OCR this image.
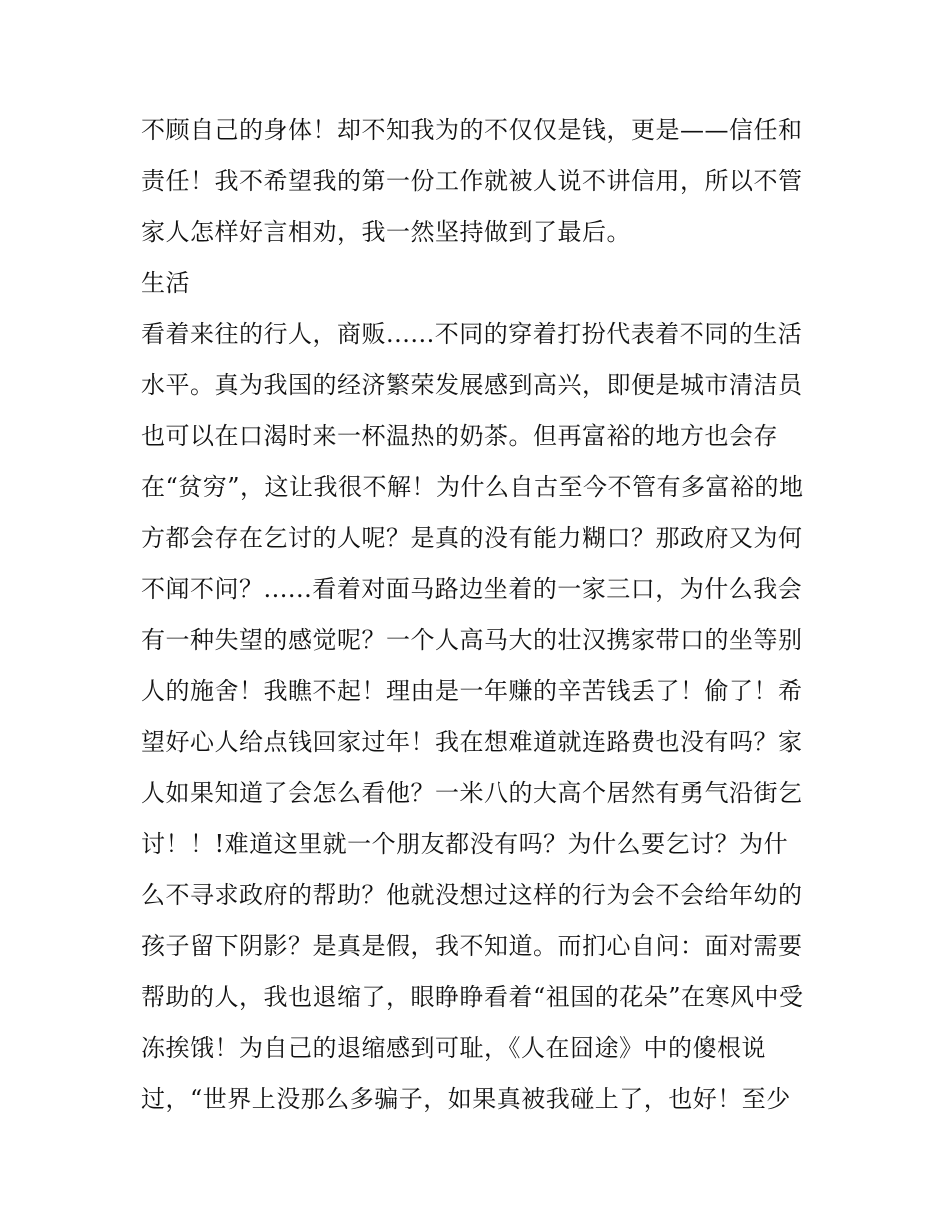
不顾自己的身体！却不知我为的不仅仅是钱，更是——信任和
责任！我不希望我的第一份工作就被人说不讲信用，所以不管
家人怎样好言相劝，我一然坚持做到了最后。
生活
看着来往的行人，商贩......不同的穿着打扮代表着不同的生活
水平。真为我国的经济繁荣发展感到高兴，即便是城市清洁员
也可以在口渴时来一杯温热的奶茶。但再富裕的地方也会存
在“贫穷”，这让我很不解！为什么自古至今不管有多富裕的地
方都会存在乞讨的人呢？是真的没有能力糊口？那政府又为何
不闻不问？......看着对面马路边坐着的一家三口，为什么我会
有一种失望的感觉呢？一个人高马大的壮汉携家带口的坐等别
人的施舍！我瞧不起！理由是一年赚的辛苦钱丢了！偷了！希
望好心人给点钱回家过年！我在想难道就连路费也没有吗？家
人如果知道了会怎么看他？一米八的大高个居然有勇气沿街乞
讨！！!难道这里就一个朋友都没有吗？为什么要乞讨？为什
么不寻求政府的帮助？他就没想过这样的行为会不会给年幼的
孩子留下阴影？是真是假，我不知道。而扪心自问：面对需要
帮助的人，我也退缩了，眼睁睁看着“祖国的花朵”在寒风中受
冻挨饿！为自己的退缩感到可耻，《人在囧途》中的傻根说
过，“世界上没那么多骗子，如果真被我碰上了，也好！至少
